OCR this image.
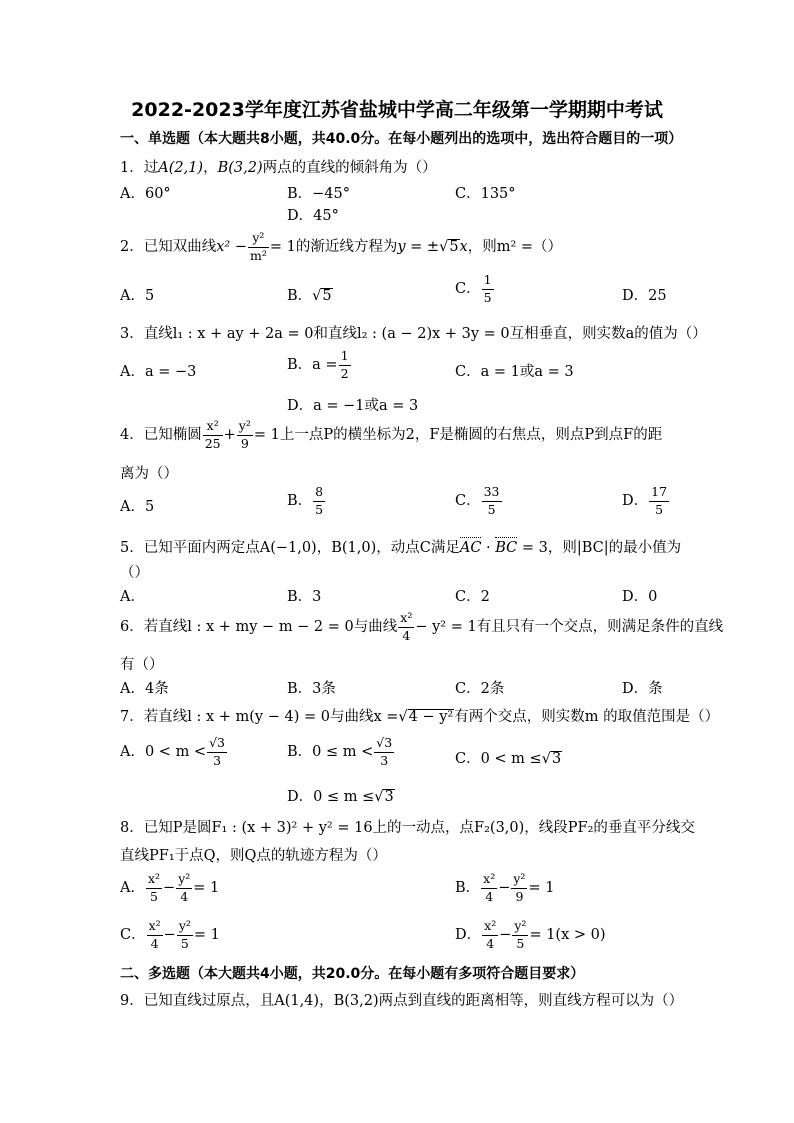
2022-2023学年度江苏省盐城中学高二年级第一学期期中考试
一、单选题（本大题共8小题，共40.0分。在每小题列出的选项中，选出符合题目的一项）
1．过A(2,1)，B(3,2)两点的直线的倾斜角为（）
A．60°	B．−45°	C．135°
D．45°
2．已知双曲线$x^2 - \frac{\text{y²}}{\text{m²}} = 1$的渐近线方程为y = ±√5x，则m² =（）
A．5	B．√5	C． $\frac{1}{5}$	D．25
3．直线l₁ : x + ay + 2a = 0和直线l₂ : (a − 2)x + 3y = 0互相垂直，则实数a的值为（）
A．a = −3	B．$a = \frac{1}{2}$	C．a = 1或a = 3
D．a = −1或a = 3
4．已知椭圆 $\frac{\text{x²}}{25} + \frac{\text{y²}}{9} = 1$上一点P的横坐标为2，F是椭圆的右焦点，则点P到点F的距
离为（）
A．5	B． $\frac{8}{5}$	C． $\frac{33}{5}$	D． $\frac{17}{5}$
5．已知平面内两定点A(−1,0)，B(1,0)，动点C满足AC · BC = 3，则|BC|的最小值为
（）
A．	B．3	C．2	D．0
6．若直线l : x + my − m − 2 = 0与曲线 $\frac{\text{x²}}{4} - y^2 = 1$有且只有一个交点，则满足条件的直线
有（）
A．4条	B．3条	C．2条	D．条
7．若直线l : x + m(y − 4) = 0与曲线x =√4 − y²有两个交点，则实数m 的取值范围是（）
A．$0 < m < \frac{√3}{3}$	B．$0 \le m < \frac{√3}{3}$	C．0 < m ≤√3
D．0 ≤ m ≤√3
8．已知P是圆F₁ : (x + 3)² + y² = 16上的一动点，点F₂(3,0)，线段PF₂的垂直平分线交
直线PF₁于点Q，则Q点的轨迹方程为（）
A． $\frac{\text{x²}}{5} - \frac{\text{y²}}{4} = 1$	B． $\frac{\text{x²}}{4} - \frac{\text{y²}}{9} = 1$
C． $\frac{\text{x²}}{4} - \frac{\text{y²}}{5} = 1$	D． $\frac{\text{x²}}{4} - \frac{\text{y²}}{5} = 1(x > 0)$
二、多选题（本大题共4小题，共20.0分。在每小题有多项符合题目要求）
9．已知直线过原点，且A(1,4)，B(3,2)两点到直线的距离相等，则直线方程可以为（）
